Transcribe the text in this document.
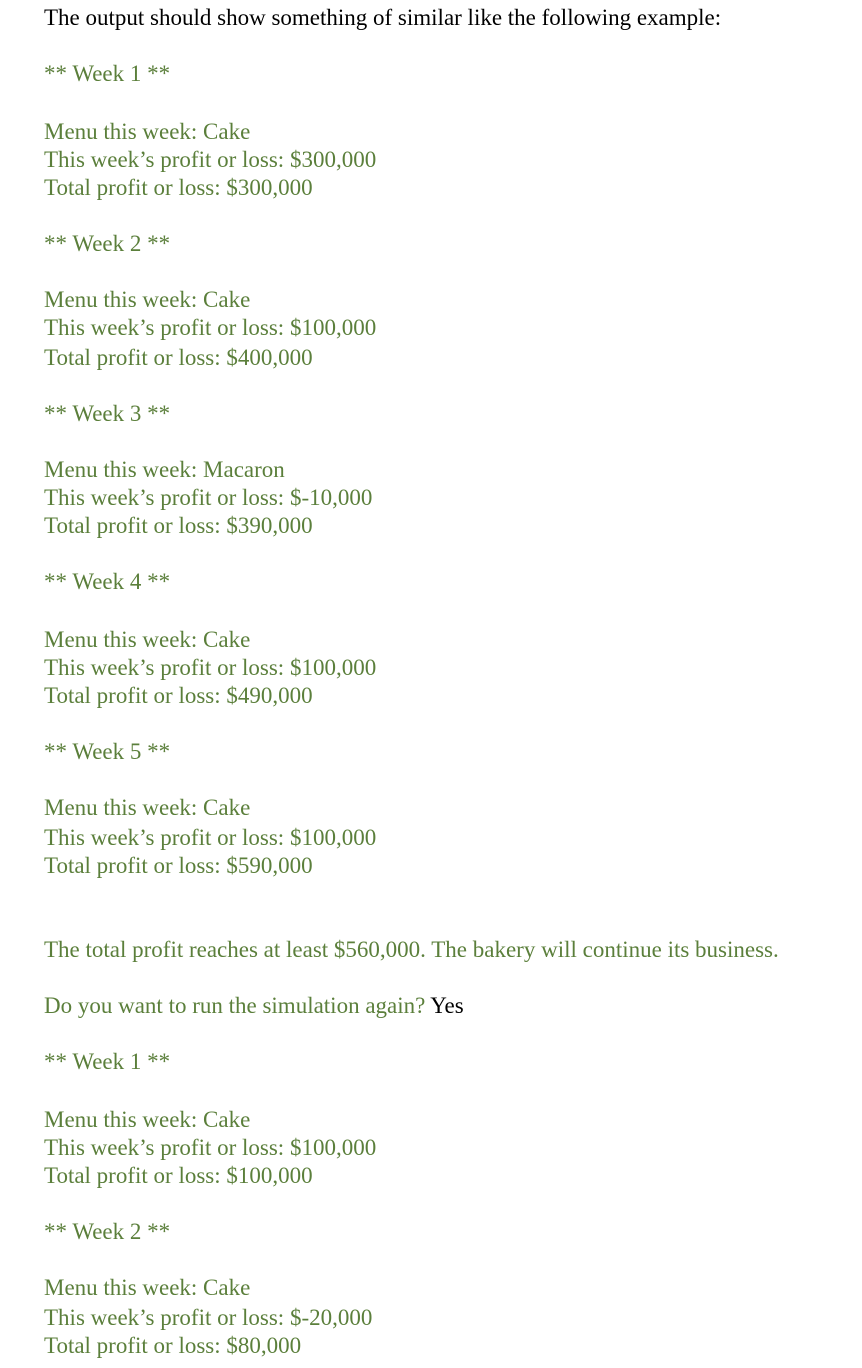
The output should show something of similar like the following example:
** Week 1 **
Menu this week: Cake
This week’s profit or loss: $300,000
Total profit or loss: $300,000
** Week 2 **
Menu this week: Cake
This week’s profit or loss: $100,000
Total profit or loss: $400,000
** Week 3 **
Menu this week: Macaron
This week’s profit or loss: $-10,000
Total profit or loss: $390,000
** Week 4 **
Menu this week: Cake
This week’s profit or loss: $100,000
Total profit or loss: $490,000
** Week 5 **
Menu this week: Cake
This week’s profit or loss: $100,000
Total profit or loss: $590,000
The total profit reaches at least $560,000. The bakery will continue its business.
Do you want to run the simulation again? Yes
** Week 1 **
Menu this week: Cake
This week’s profit or loss: $100,000
Total profit or loss: $100,000
** Week 2 **
Menu this week: Cake
This week’s profit or loss: $-20,000
Total profit or loss: $80,000
